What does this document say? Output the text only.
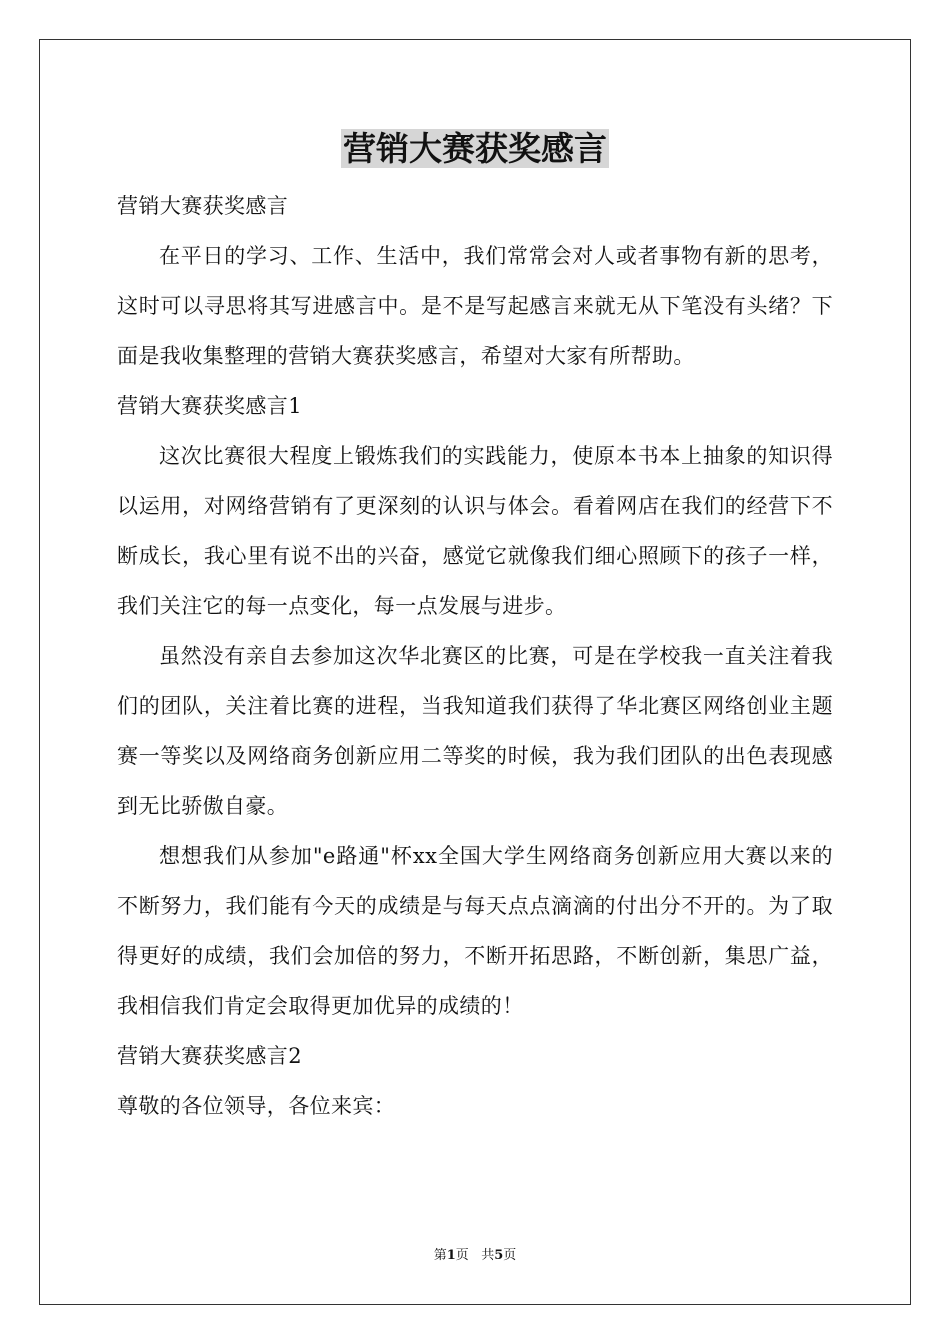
营销大赛获奖感言

营销大赛获奖感言

在平日的学习、工作、生活中，我们常常会对人或者事物有新的思考，这时可以寻思将其写进感言中。是不是写起感言来就无从下笔没有头绪？下面是我收集整理的营销大赛获奖感言，希望对大家有所帮助。

营销大赛获奖感言1

这次比赛很大程度上锻炼我们的实践能力，使原本书本上抽象的知识得以运用，对网络营销有了更深刻的认识与体会。看着网店在我们的经营下不断成长，我心里有说不出的兴奋，感觉它就像我们细心照顾下的孩子一样，我们关注它的每一点变化，每一点发展与进步。

虽然没有亲自去参加这次华北赛区的比赛，可是在学校我一直关注着我们的团队，关注着比赛的进程，当我知道我们获得了华北赛区网络创业主题赛一等奖以及网络商务创新应用二等奖的时候，我为我们团队的出色表现感到无比骄傲自豪。

想想我们从参加"e路通"杯xx全国大学生网络商务创新应用大赛以来的不断努力，我们能有今天的成绩是与每天点点滴滴的付出分不开的。为了取得更好的成绩，我们会加倍的努力，不断开拓思路，不断创新，集思广益，我相信我们肯定会取得更加优异的成绩的！

营销大赛获奖感言2

尊敬的各位领导，各位来宾：

第1页 共5页
